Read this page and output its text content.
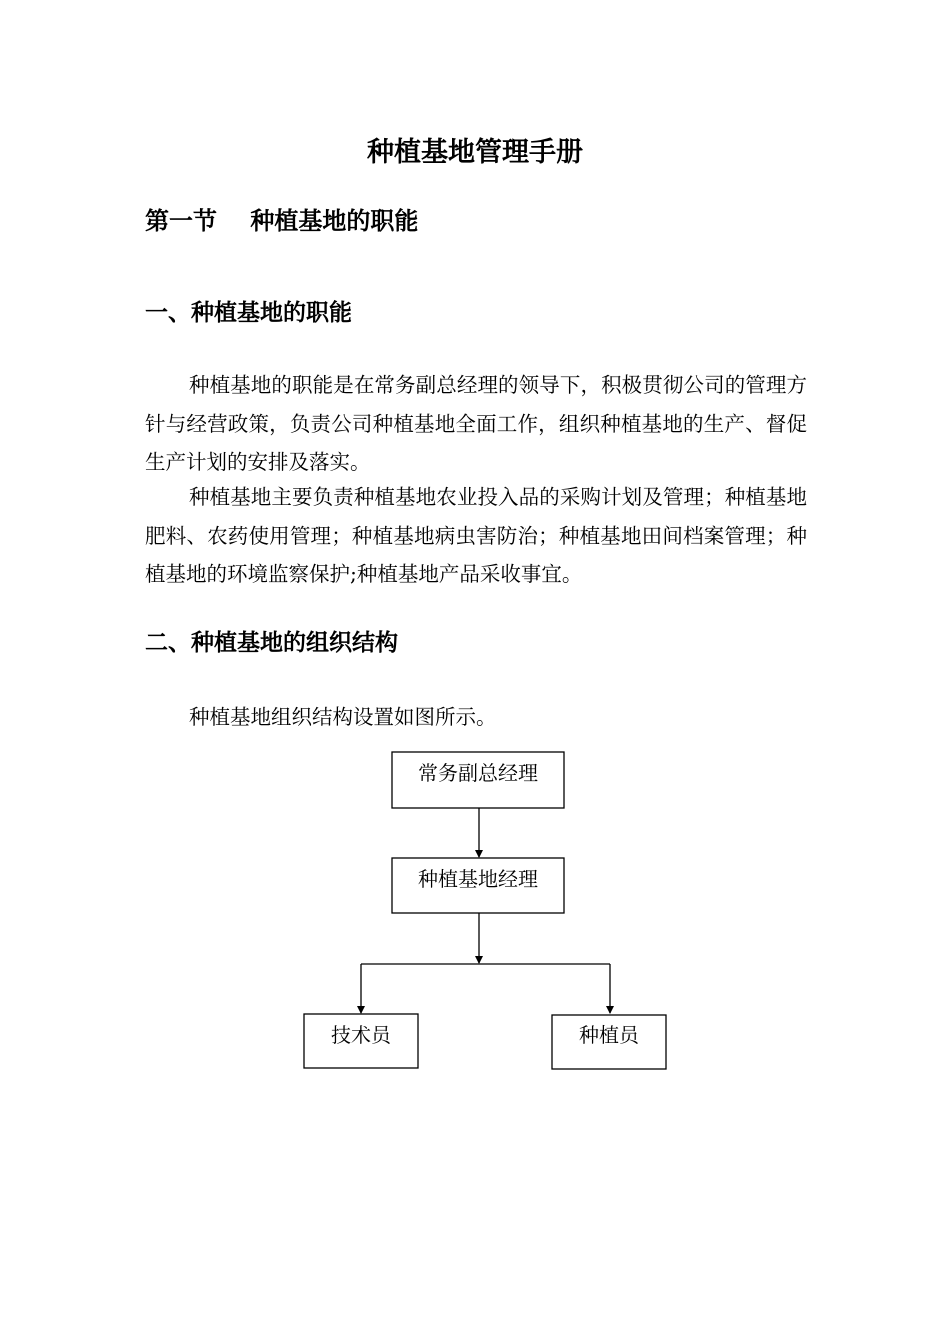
种植基地管理手册
第一节    种植基地的职能
一、种植基地的职能
种植基地的职能是在常务副总经理的领导下，积极贯彻公司的管理方针与经营政策，负责公司种植基地全面工作，组织种植基地的生产、督促生产计划的安排及落实。
种植基地主要负责种植基地农业投入品的采购计划及管理；种植基地肥料、农药使用管理；种植基地病虫害防治；种植基地田间档案管理；种植基地的环境监察保护;种植基地产品采收事宜。
二、种植基地的组织结构
种植基地组织结构设置如图所示。
常务副总经理
种植基地经理
技术员	种植员
